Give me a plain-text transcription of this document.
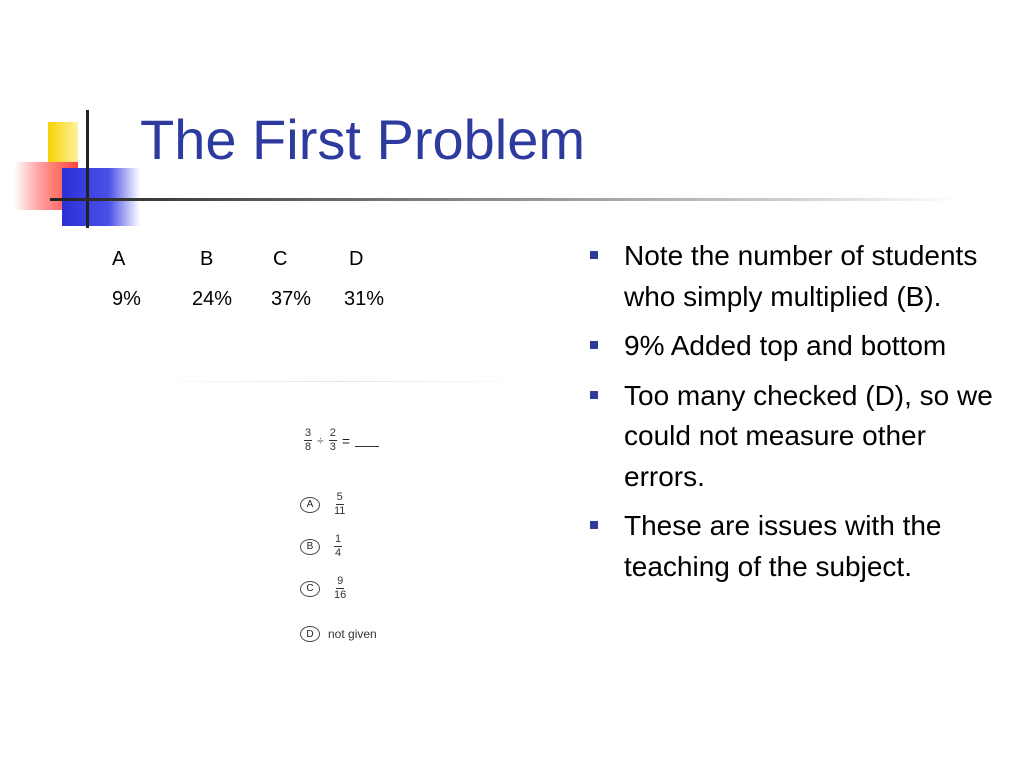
The First Problem
A	B	C	D
9%	24% 37% 31%
$\frac{3}{8} \div \frac{2}{3}$ =
A	$\frac{5}{11}$
B	$\frac{1}{4}$
C	$\frac{9}{16}$
D	not given
Note the number of students who simply multiplied (B).
9% Added top and bottom
Too many checked (D), so we could not measure other errors.
These are issues with the teaching of the subject.
